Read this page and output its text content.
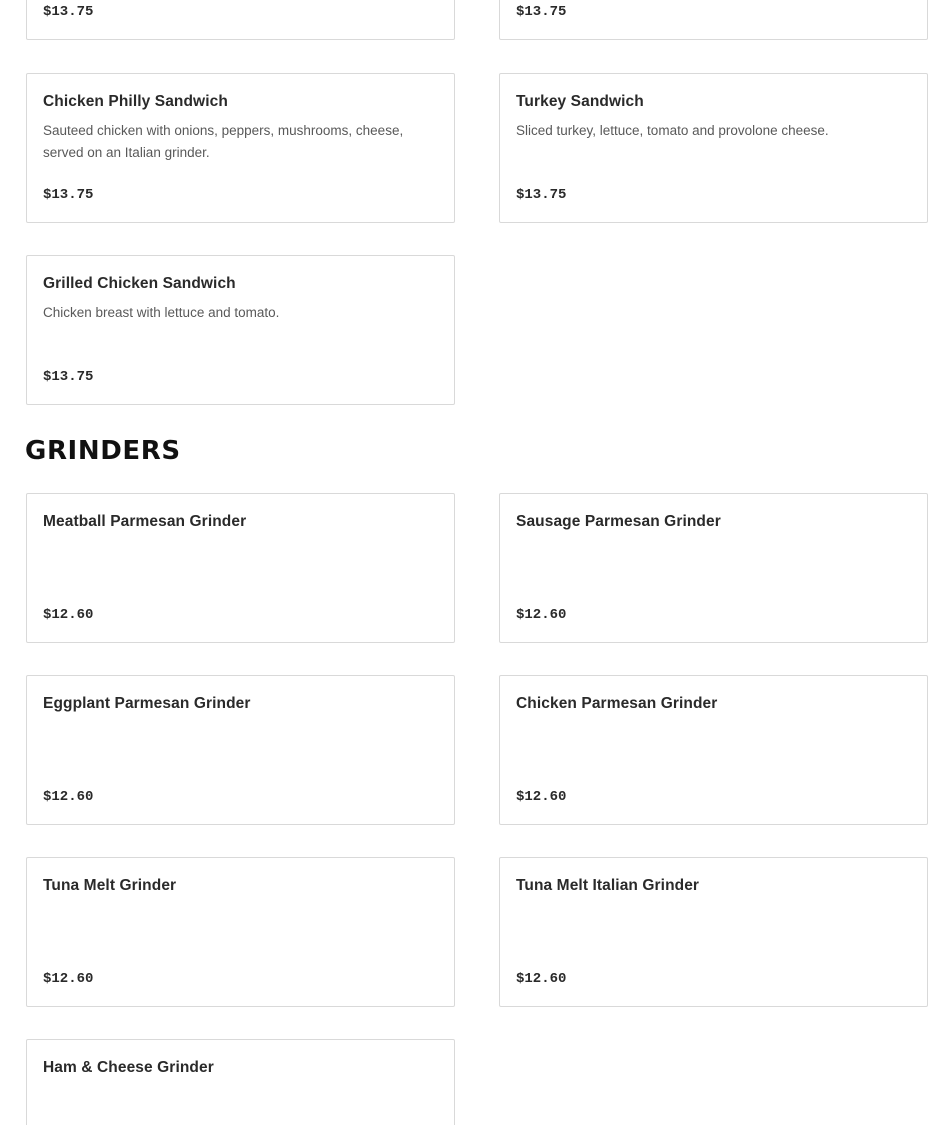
$13.75	$13.75
Chicken Philly Sandwich
Sauteed chicken with onions, peppers, mushrooms, cheese, served on an Italian grinder.
$13.75
Turkey Sandwich
Sliced turkey, lettuce, tomato and provolone cheese.
$13.75
Grilled Chicken Sandwich
Chicken breast with lettuce and tomato.
$13.75
GRINDERS
Meatball Parmesan Grinder
$12.60
Sausage Parmesan Grinder
$12.60
Eggplant Parmesan Grinder
$12.60
Chicken Parmesan Grinder
$12.60
Tuna Melt Grinder
$12.60
Tuna Melt Italian Grinder
$12.60
Ham & Cheese Grinder
